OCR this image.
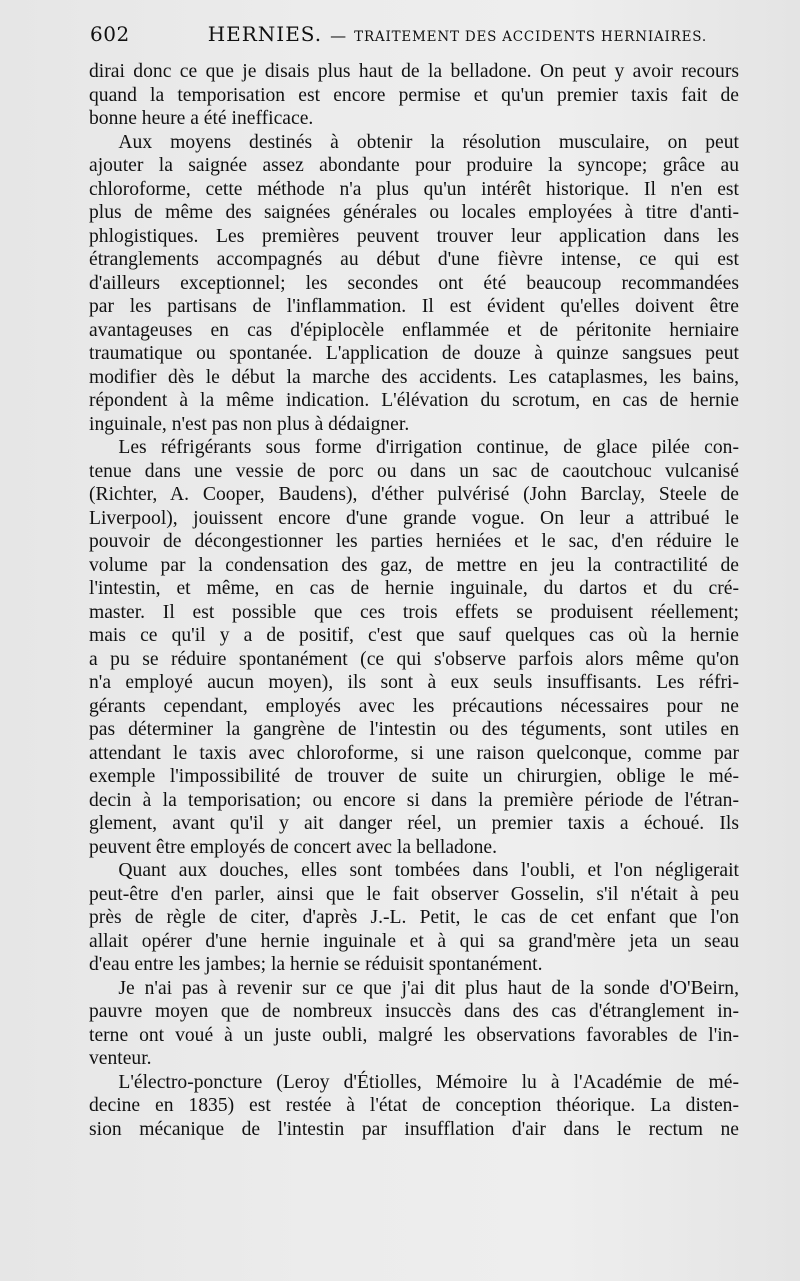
602	HERNIES. — TRAITEMENT DES ACCIDENTS HERNIAIRES.
dirai donc ce que je disais plus haut de la belladone. On peut y avoir recours
quand la temporisation est encore permise et qu'un premier taxis fait de
bonne heure a été inefficace.
  Aux moyens destinés à obtenir la résolution musculaire, on peut
ajouter la saignée assez abondante pour produire la syncope; grâce au
chloroforme, cette méthode n'a plus qu'un intérêt historique. Il n'en est
plus de même des saignées générales ou locales employées à titre d'anti-
phlogistiques. Les premières peuvent trouver leur application dans les
étranglements accompagnés au début d'une fièvre intense, ce qui est
d'ailleurs exceptionnel; les secondes ont été beaucoup recommandées
par les partisans de l'inflammation. Il est évident qu'elles doivent être
avantageuses en cas d'épiplocèle enflammée et de péritonite herniaire
traumatique ou spontanée. L'application de douze à quinze sangsues peut
modifier dès le début la marche des accidents. Les cataplasmes, les bains,
répondent à la même indication. L'élévation du scrotum, en cas de hernie
inguinale, n'est pas non plus à dédaigner.
  Les réfrigérants sous forme d'irrigation continue, de glace pilée con-
tenue dans une vessie de porc ou dans un sac de caoutchouc vulcanisé
(Richter, A. Cooper, Baudens), d'éther pulvérisé (John Barclay, Steele de
Liverpool), jouissent encore d'une grande vogue. On leur a attribué le
pouvoir de décongestionner les parties herniées et le sac, d'en réduire le
volume par la condensation des gaz, de mettre en jeu la contractilité de
l'intestin, et même, en cas de hernie inguinale, du dartos et du cré-
master. Il est possible que ces trois effets se produisent réellement;
mais ce qu'il y a de positif, c'est que sauf quelques cas où la hernie
a pu se réduire spontanément (ce qui s'observe parfois alors même qu'on
n'a employé aucun moyen), ils sont à eux seuls insuffisants. Les réfri-
gérants cependant, employés avec les précautions nécessaires pour ne
pas déterminer la gangrène de l'intestin ou des téguments, sont utiles en
attendant le taxis avec chloroforme, si une raison quelconque, comme par
exemple l'impossibilité de trouver de suite un chirurgien, oblige le mé-
decin à la temporisation; ou encore si dans la première période de l'étran-
glement, avant qu'il y ait danger réel, un premier taxis a échoué. Ils
peuvent être employés de concert avec la belladone.
  Quant aux douches, elles sont tombées dans l'oubli, et l'on négligerait
peut-être d'en parler, ainsi que le fait observer Gosselin, s'il n'était à peu
près de règle de citer, d'après J.-L. Petit, le cas de cet enfant que l'on
allait opérer d'une hernie inguinale et à qui sa grand'mère jeta un seau
d'eau entre les jambes; la hernie se réduisit spontanément.
  Je n'ai pas à revenir sur ce que j'ai dit plus haut de la sonde d'O'Beirn,
pauvre moyen que de nombreux insuccès dans des cas d'étranglement in-
terne ont voué à un juste oubli, malgré les observations favorables de l'in-
venteur.
  L'électro-poncture (Leroy d'Étiolles, Mémoire lu à l'Académie de mé-
decine en 1835) est restée à l'état de conception théorique. La disten-
sion mécanique de l'intestin par insufflation d'air dans le rectum ne
